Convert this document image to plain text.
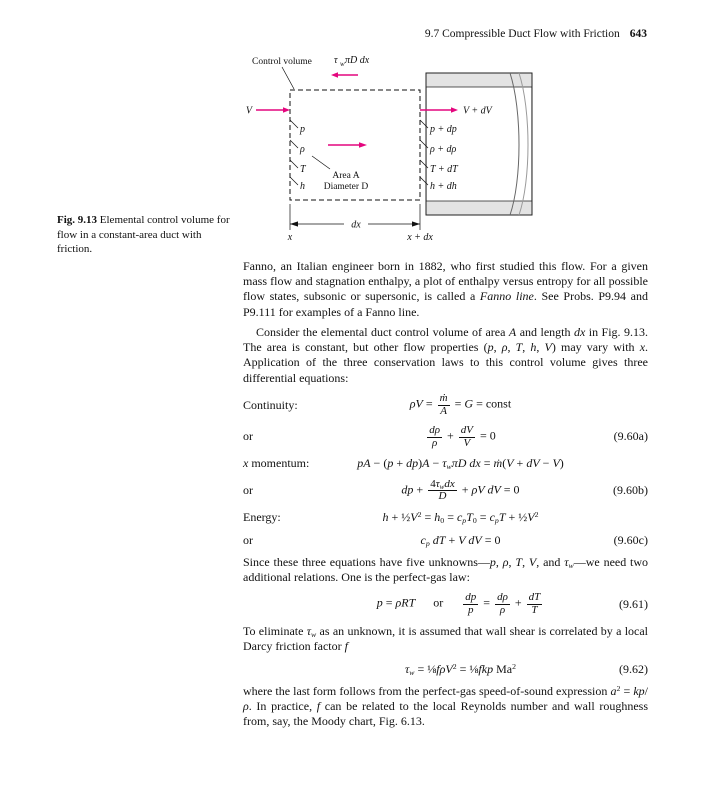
9.7 Compressible Duct Flow with Friction 643
Fig. 9.13 Elemental control volume for flow in a constant-area duct with friction.
Control volume τ w πD dx
V	V + dV
p
ρ
T
h
p + dp
ρ + dρ
T + dT
h + dh
Area A
Diameter D
dx
x	x + dx

Fanno, an Italian engineer born in 1882, who first studied this flow. For a given mass flow and stagnation enthalpy, a plot of enthalpy versus entropy for all possible flow states, subsonic or supersonic, is called a Fanno line. See Probs. P9.94 and P9.111 for examples of a Fanno line.

Consider the elemental duct control volume of area A and length dx in Fig. 9.13. The area is constant, but other flow properties (p, ρ, T, h, V) may vary with x. Application of the three conservation laws to this control volume gives three differential equations:

Continuity:	$\rho V = \frac{\text{ṁ}}{A} = G$ = const
or	$\frac{d\rho}{\rho} + \frac{dV}{V} = 0$	(9.60a)
x momentum:	pA − $(p + dp)A - \tau_w\pi D$ dx = ṁ(V + dV − V)
or	dp + $\frac{4\tau_wdx}{D} + \rho V$ dV = 0	(9.60b)
Energy:	$h + \frac{1}{2}V^2 = h_0 = c_pT_0 = c_pT$ + $\frac{1}{2}V^2$
or	$c_p$ dT + V dV = 0	(9.60c)

Since these three equations have five unknowns—p, ρ, T, V, and $\tau_w—we$ need two additional relations. One is the perfect-gas law:

p = ρRT or $\frac{dp}{p} = \frac{d\rho}{\rho} + \frac{dT}{T}$	(9.61)

To eliminate $\tau_w$ as an unknown, it is assumed that wall shear is correlated by a local Darcy friction factor f

$\tau_w$ = ⅛fρV$^2$ = ⅛fkp Ma$^2$	(9.62)

where the last form follows from the perfect-gas speed-of-sound expression $a^2 = kp/\rho$. In practice, f can be related to the local Reynolds number and wall roughness from, say, the Moody chart, Fig. 6.13.
